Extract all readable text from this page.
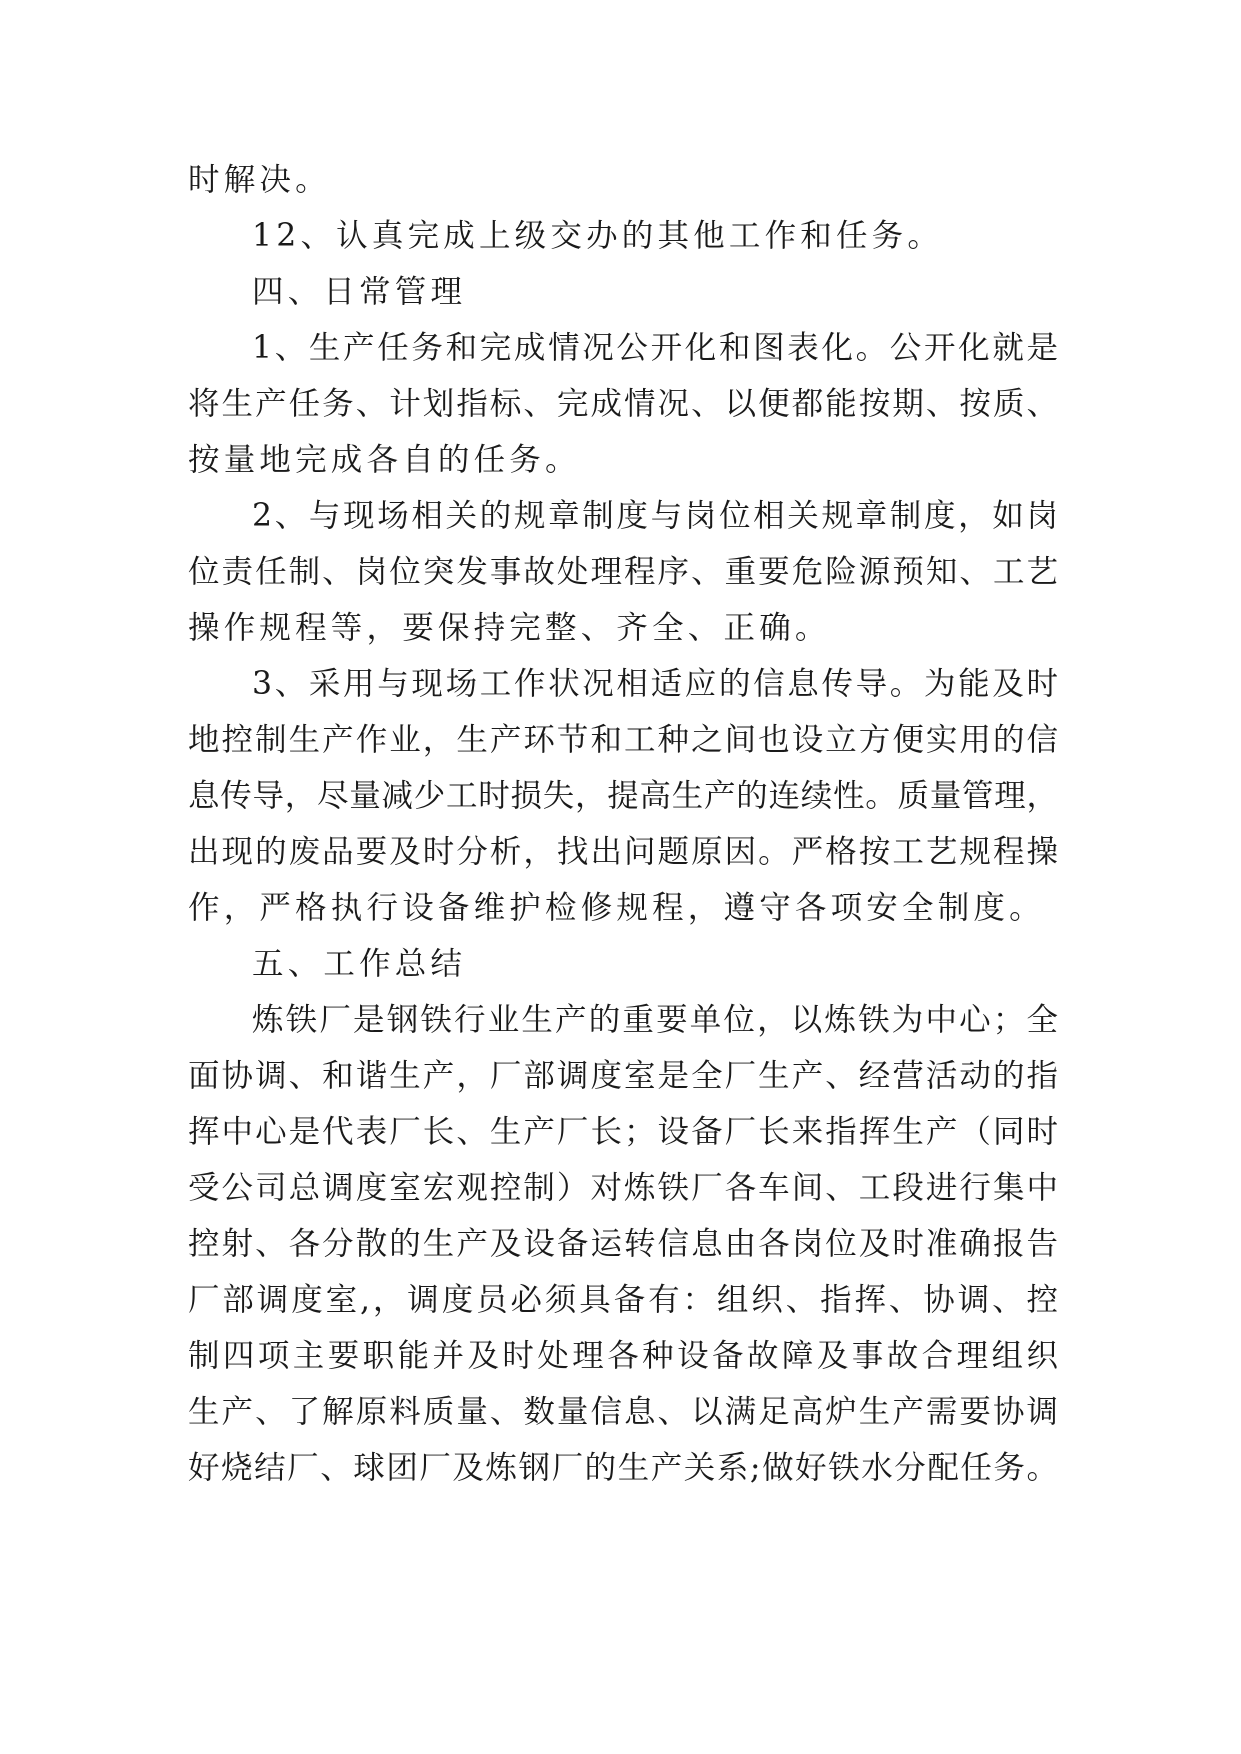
时解决。
12、认真完成上级交办的其他工作和任务。
四、日常管理
1、生产任务和完成情况公开化和图表化。公开化就是
将生产任务、计划指标、完成情况、以便都能按期、按质、
按量地完成各自的任务。
2、与现场相关的规章制度与岗位相关规章制度，如岗
位责任制、岗位突发事故处理程序、重要危险源预知、工艺
操作规程等，要保持完整、齐全、正确。
3、采用与现场工作状况相适应的信息传导。为能及时
地控制生产作业，生产环节和工种之间也设立方便实用的信
息传导，尽量减少工时损失，提高生产的连续性。质量管理，
出现的废品要及时分析，找出问题原因。严格按工艺规程操
作，严格执行设备维护检修规程，遵守各项安全制度。
五、工作总结
炼铁厂是钢铁行业生产的重要单位，以炼铁为中心；全
面协调、和谐生产，厂部调度室是全厂生产、经营活动的指
挥中心是代表厂长、生产厂长；设备厂长来指挥生产（同时
受公司总调度室宏观控制）对炼铁厂各车间、工段进行集中
控射、各分散的生产及设备运转信息由各岗位及时准确报告
厂部调度室,，调度员必须具备有：组织、指挥、协调、控
制四项主要职能并及时处理各种设备故障及事故合理组织
生产、了解原料质量、数量信息、以满足高炉生产需要协调
好烧结厂、球团厂及炼钢厂的生产关系;做好铁水分配任务。
